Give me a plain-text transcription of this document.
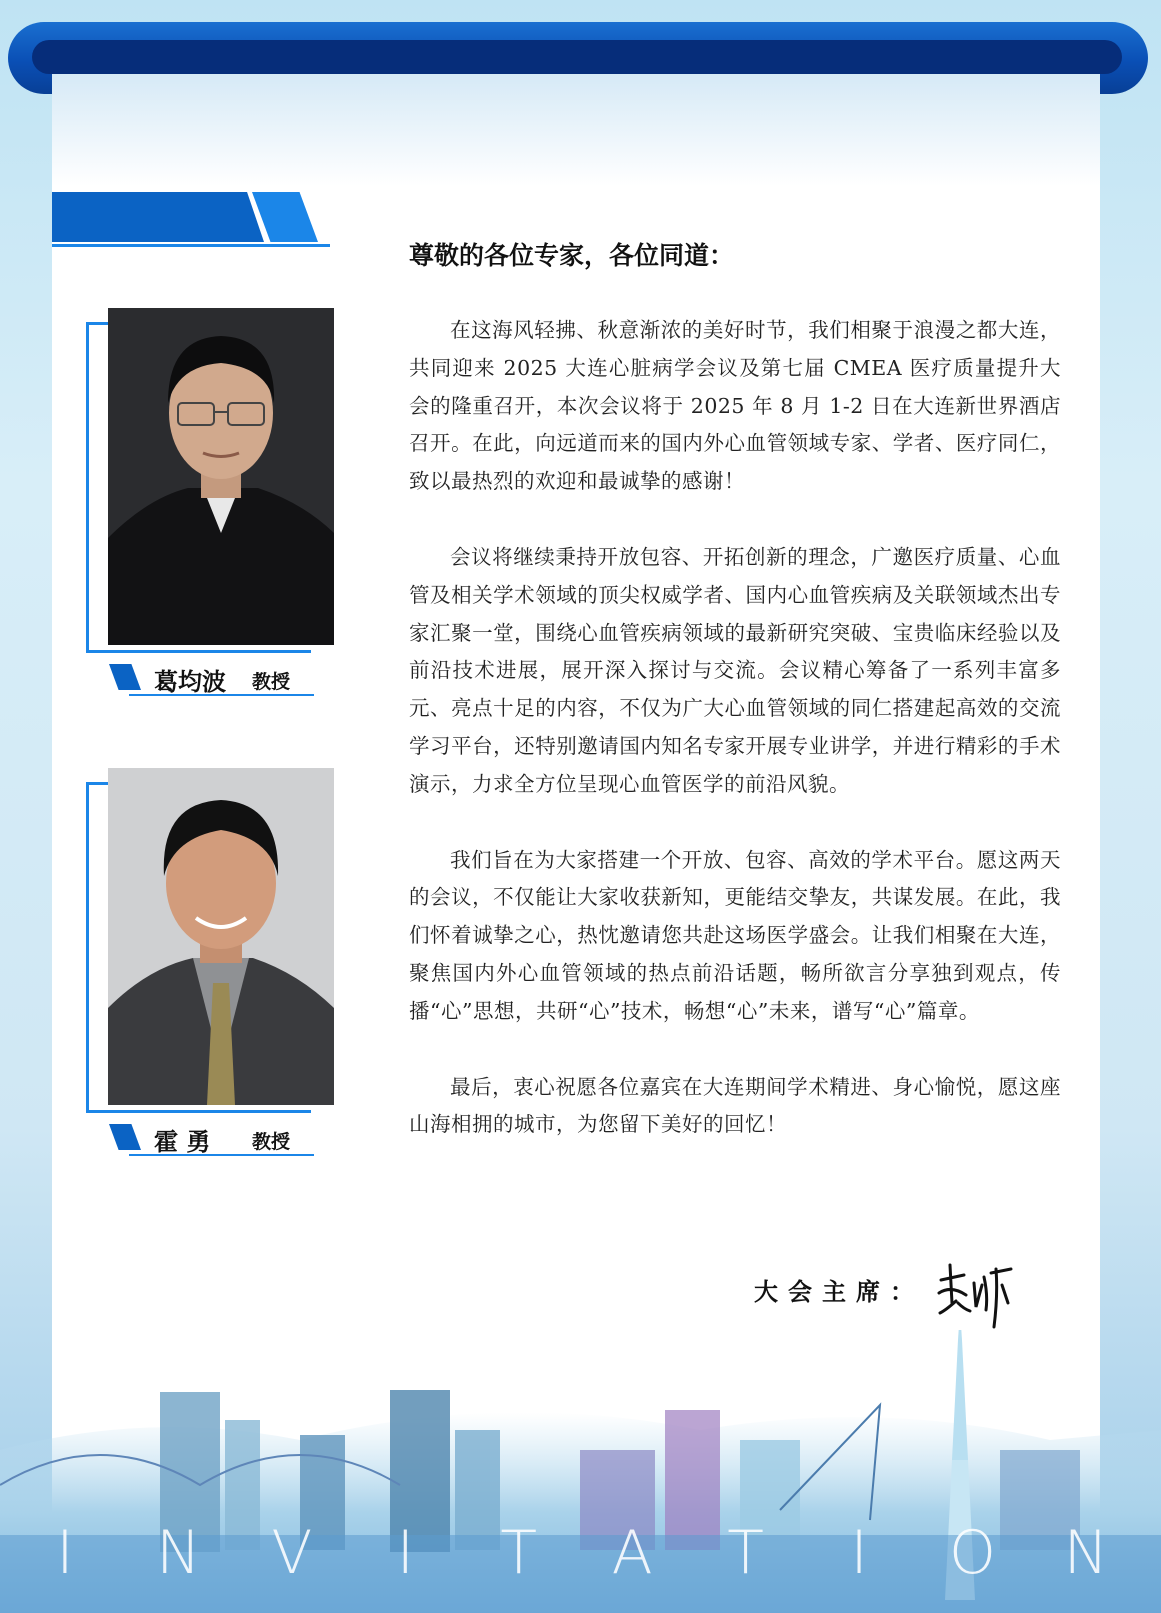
葛均波 教授
霍 勇 教授
尊敬的各位专家，各位同道：

在这海风轻拂、秋意渐浓的美好时节，我们相聚于浪漫之都大连，共同迎来 2025 大连心脏病学会议及第七届 CMEA 医疗质量提升大会的隆重召开，本次会议将于 2025 年 8 月 1-2 日在大连新世界酒店召开。在此，向远道而来的国内外心血管领域专家、学者、医疗同仁，致以最热烈的欢迎和最诚挚的感谢！

会议将继续秉持开放包容、开拓创新的理念，广邀医疗质量、心血管及相关学术领域的顶尖权威学者、国内心血管疾病及关联领域杰出专家汇聚一堂，围绕心血管疾病领域的最新研究突破、宝贵临床经验以及前沿技术进展，展开深入探讨与交流。会议精心筹备了一系列丰富多元、亮点十足的内容，不仅为广大心血管领域的同仁搭建起高效的交流学习平台，还特别邀请国内知名专家开展专业讲学，并进行精彩的手术演示，力求全方位呈现心血管医学的前沿风貌。

我们旨在为大家搭建一个开放、包容、高效的学术平台。愿这两天的会议，不仅能让大家收获新知，更能结交挚友，共谋发展。在此，我们怀着诚挚之心，热忱邀请您共赴这场医学盛会。让我们相聚在大连，聚焦国内外心血管领域的热点前沿话题，畅所欲言分享独到观点，传播“心”思想，共研“心”技术，畅想“心”未来，谱写“心”篇章。

最后，衷心祝愿各位嘉宾在大连期间学术精进、身心愉悦，愿这座山海相拥的城市，为您留下美好的回忆！

大会主席：
I	N	V	I	T	A	T	I	O	N
